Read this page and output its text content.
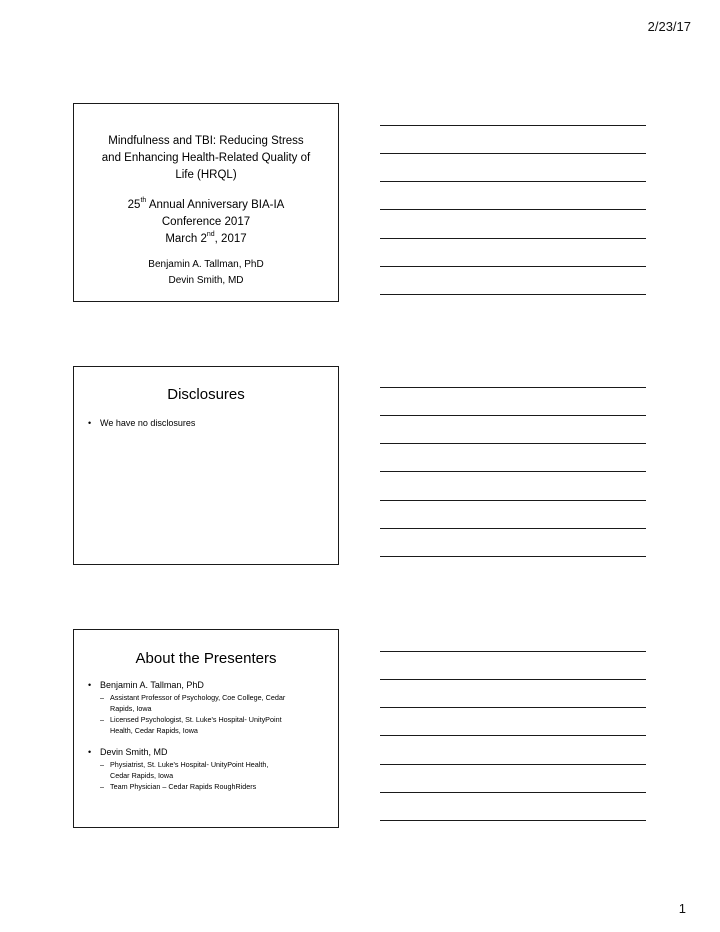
2/23/17
Mindfulness and TBI: Reducing Stress
and Enhancing Health-Related Quality of
Life (HRQL)
25th Annual Anniversary BIA-IA
Conference 2017
March 2nd, 2017
Benjamin A. Tallman, PhD
Devin Smith, MD
Disclosures
• We have no disclosures
About the Presenters
• Benjamin A. Tallman, PhD
– Assistant Professor of Psychology, Coe College, Cedar
Rapids, Iowa
– Licensed Psychologist, St. Luke's Hospital- UnityPoint
Health, Cedar Rapids, Iowa
• Devin Smith, MD
– Physiatrist, St. Luke's Hospital- UnityPoint Health,
Cedar Rapids, Iowa
– Team Physician – Cedar Rapids RoughRiders
1
